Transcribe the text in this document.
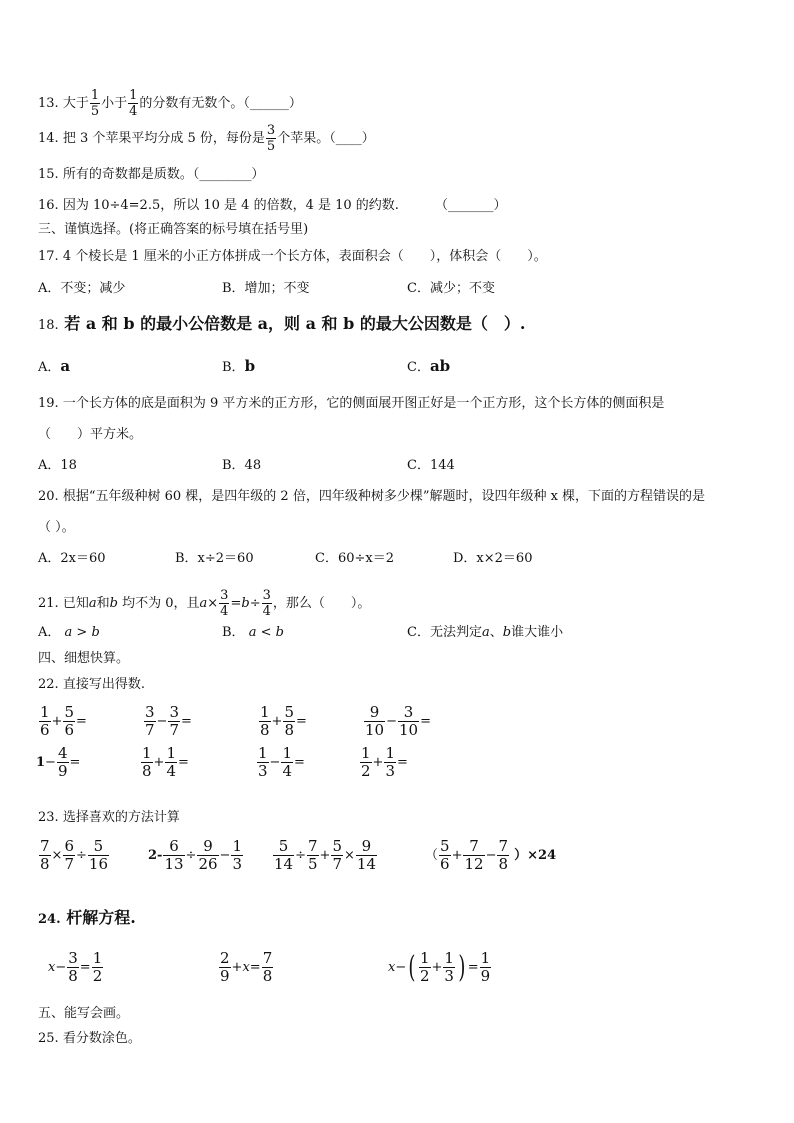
13. 大于 $\frac{1}{5}$ 小于 $\frac{1}{4}$ 的分数有无数个。（______）
14. 把 3 个苹果平均分成 5 份，每份是 $\frac{3}{5}$ 个苹果。（____）
15. 所有的奇数都是质数。（________）
16. 因为 10÷4=2.5，所以 10 是 4 的倍数，4 是 10 的约数.	（_______）
三、谨慎选择。(将正确答案的标号填在括号里)
17. 4 个棱长是 1 厘米的小正方体拼成一个长方体，表面积会（　　），体积会（　　）。
A．不变；减少	B．增加；不变	C．减少；不变
18. 若 a 和 b 的最小公倍数是 a，则 a 和 b 的最大公因数是（　）.
A．a	B．b	C．ab
19. 一个长方体的底是面积为 9 平方米的正方形，它的侧面展开图正好是一个正方形，这个长方体的侧面积是
（　　）平方米。
A．18	B．48	C．144
20. 根据“五年级种树 60 棵，是四年级的 2 倍，四年级种树多少棵”解题时，设四年级种 x 棵，下面的方程错误的是
（ ）。
A．2x＝60	B．x÷2＝60	C．60÷x＝2	D．x×2＝60
21. 已知a和b 均不为 0，且$a\times \frac{3}{4} =b\div \frac{3}{4}$ ，那么（　　）。
A． a > b	B． a < b	C．无法判定a、b谁大谁小
四、细想快算。
22. 直接写出得数.
$\frac{1}{6} + \frac{5}{6}$ =	$\frac{3}{7} - \frac{3}{7}$ =	$\frac{1}{8} + \frac{5}{8}$ =	$\frac{9}{10} - \frac{3}{10}$ =
$1- \frac{4}{9}$ =	$\frac{1}{8} + \frac{1}{4}$ =	$\frac{1}{3} - \frac{1}{4}$ =	$\frac{1}{2} + \frac{1}{3}$ =
23. 选择喜欢的方法计算
$\frac{7}{8} \times \frac{6}{7} \div \frac{5}{16}$	$2- \frac{6}{13} \div \frac{9}{26} - \frac{1}{3} \frac{5}{14} \div \frac{7}{5} + \frac{5}{7} \times \frac{9}{14}$	（ $\frac{5}{6} + \frac{7}{12} - \frac{7}{8} )\times 24$
24. 杆解方程.
$x- \frac{3}{8} = \frac{1}{2}$	$\frac{2}{9} +x= \frac{7}{8}$	$x-( \frac{1}{2} + \frac{1}{3}$ ) = $\frac{1}{9}$
五、能写会画。
25. 看分数涂色。
